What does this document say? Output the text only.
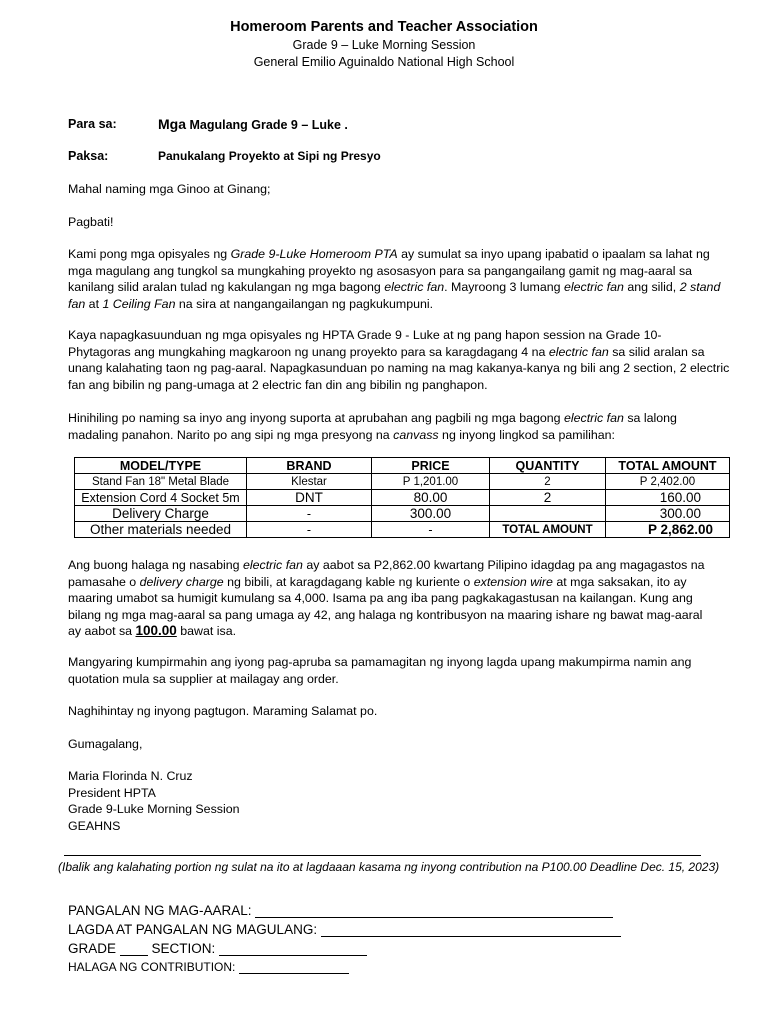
Homeroom Parents and Teacher Association
Grade 9 – Luke Morning Session
General Emilio Aguinaldo National High School
Para sa:	Mga Magulang Grade 9 – Luke .
Paksa:	Panukalang Proyekto at Sipi ng Presyo
Mahal naming mga Ginoo at Ginang;
Pagbati!
Kami pong mga opisyales ng Grade 9-Luke Homeroom PTA ay sumulat sa inyo upang ipabatid o ipaalam sa lahat ng
mga magulang ang tungkol sa mungkahing proyekto ng asosasyon para sa pangangailang gamit ng mag-aaral sa
kanilang silid aralan tulad ng kakulangan ng mga bagong electric fan. Mayroong 3 lumang electric fan ang silid, 2 stand
fan at 1 Ceiling Fan na sira at nangangailangan ng pagkukumpuni.
Kaya napagkasuunduan ng mga opisyales ng HPTA Grade 9 - Luke at ng pang hapon session na Grade 10-
Phytagoras ang mungkahing magkaroon ng unang proyekto para sa karagdagang 4 na electric fan sa silid aralan sa
unang kalahating taon ng pag-aaral. Napagkasunduan po naming na mag kakanya-kanya ng bili ang 2 section, 2 electric
fan ang bibilin ng pang-umaga at 2 electric fan din ang bibilin ng panghapon.
Hinihiling po naming sa inyo ang inyong suporta at aprubahan ang pagbili ng mga bagong electric fan sa lalong
madaling panahon. Narito po ang sipi ng mga presyong na canvass ng inyong lingkod sa pamilihan:
MODEL/TYPE	BRAND	PRICE	QUANTITY	TOTAL AMOUNT
Stand Fan 18" Metal Blade	Klestar	P 1,201.00	2	P 2,402.00
Extension Cord 4 Socket 5m	DNT	80.00	2	160.00
Delivery Charge	-	300.00		300.00
Other materials needed	-	-	TOTAL AMOUNT	P 2,862.00
Ang buong halaga ng nasabing electric fan ay aabot sa P2,862.00 kwartang Pilipino idagdag pa ang magagastos na
pamasahe o delivery charge ng bibili, at karagdagang kable ng kuriente o extension wire at mga saksakan, ito ay
maaring umabot sa humigit kumulang sa 4,000. Isama pa ang iba pang pagkakagastusan na kailangan. Kung ang
bilang ng mga mag-aaral sa pang umaga ay 42, ang halaga ng kontribusyon na maaring ishare ng bawat mag-aaral
ay aabot sa 100.00 bawat isa.
Mangyaring kumpirmahin ang iyong pag-apruba sa pamamagitan ng inyong lagda upang makumpirma namin ang
quotation mula sa supplier at mailagay ang order.
Naghihintay ng inyong pagtugon. Maraming Salamat po.
Gumagalang,
Maria Florinda N. Cruz
President HPTA
Grade 9-Luke Morning Session
GEAHNS
(Ibalik ang kalahating portion ng sulat na ito at lagdaaan kasama ng inyong contribution na P100.00 Deadline Dec. 15, 2023)
PANGALAN NG MAG-AARAL:
LAGDA AT PANGALAN NG MAGULANG:
GRADE	SECTION:
HALAGA NG CONTRIBUTION:
